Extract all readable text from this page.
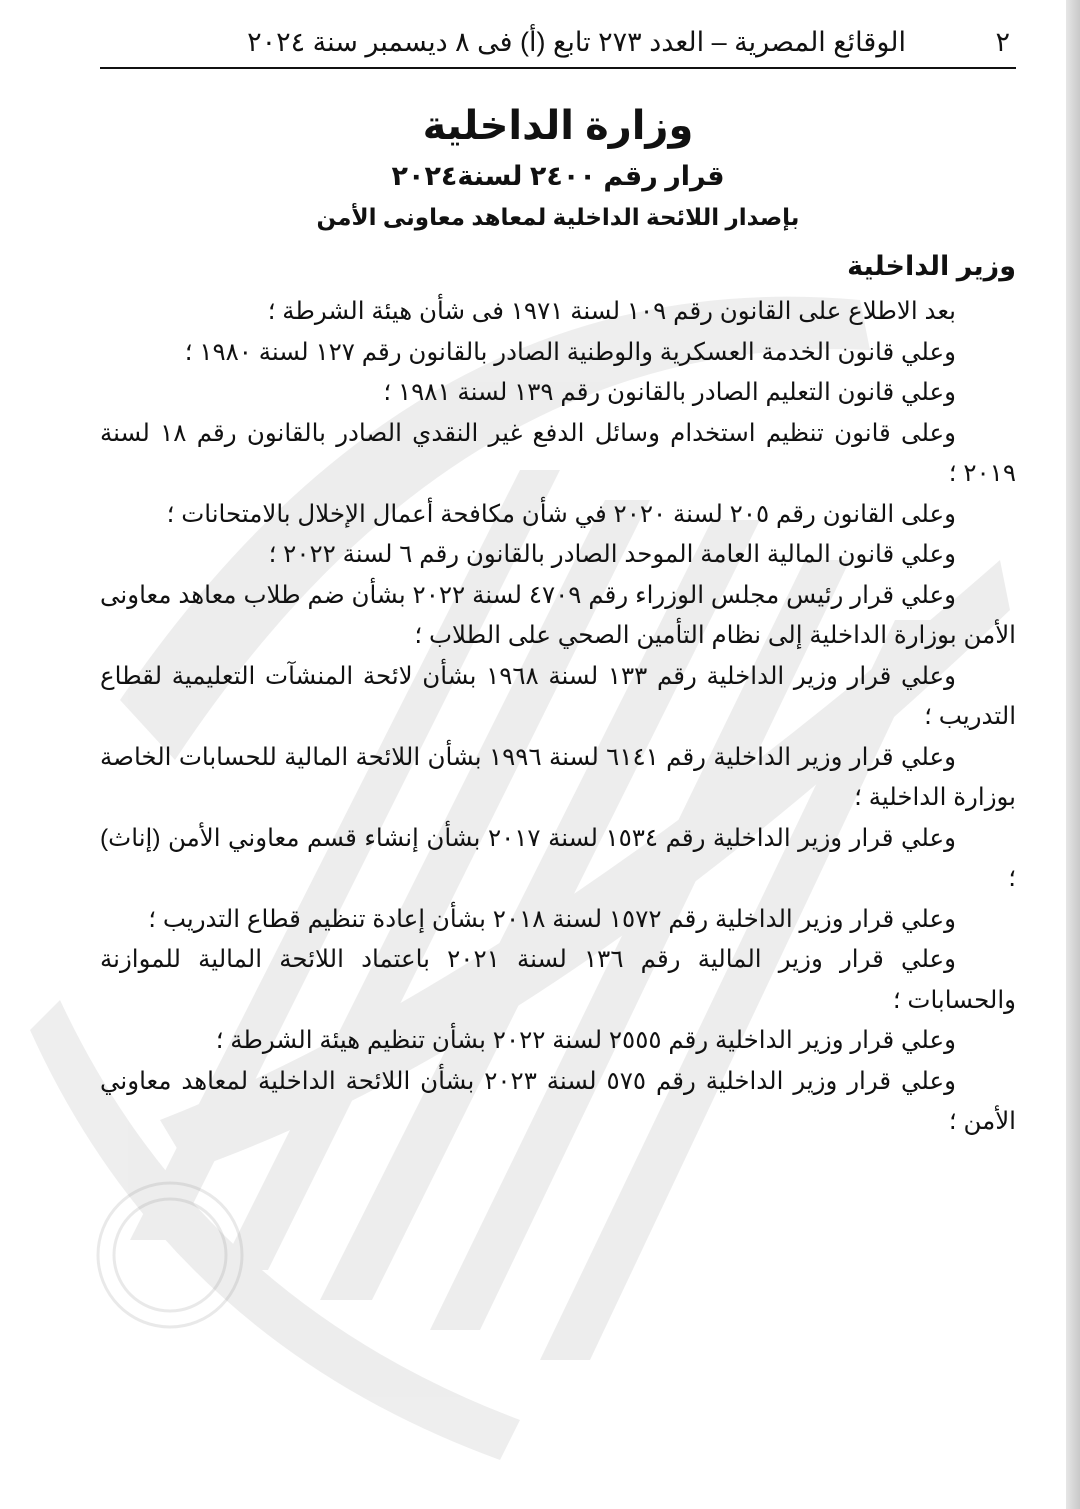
٢
الوقائع المصرية – العدد ٢٧٣ تابع (أ) فى ٨ ديسمبر سنة ٢٠٢٤

وزارة الداخلية

قرار رقم ٢٤٠٠ لسنة٢٠٢٤

بإصدار اللائحة الداخلية لمعاهد معاونى الأمن

وزير الداخلية

بعد الاطلاع على القانون رقم ١٠٩ لسنة ١٩٧١ فى شأن هيئة الشرطة ؛

وعلي قانون الخدمة العسكرية والوطنية الصادر بالقانون رقم ١٢٧ لسنة ١٩٨٠ ؛

وعلي قانون التعليم الصادر بالقانون رقم ١٣٩ لسنة ١٩٨١ ؛

وعلى قانون تنظيم استخدام وسائل الدفع غير النقدي الصادر بالقانون رقم ١٨ لسنة ٢٠١٩ ؛

وعلى القانون رقم ٢٠٥ لسنة ٢٠٢٠ في شأن مكافحة أعمال الإخلال بالامتحانات ؛

وعلي قانون المالية العامة الموحد الصادر بالقانون رقم ٦ لسنة ٢٠٢٢ ؛

وعلي قرار رئيس مجلس الوزراء رقم ٤٧٠٩ لسنة ٢٠٢٢ بشأن ضم طلاب معاهد معاونى الأمن بوزارة الداخلية إلى نظام التأمين الصحي على الطلاب ؛

وعلي قرار وزير الداخلية رقم ١٣٣ لسنة ١٩٦٨ بشأن لائحة المنشآت التعليمية لقطاع التدريب ؛

وعلي قرار وزير الداخلية رقم ٦١٤١ لسنة ١٩٩٦ بشأن اللائحة المالية للحسابات الخاصة بوزارة الداخلية ؛

وعلي قرار وزير الداخلية رقم ١٥٣٤ لسنة ٢٠١٧ بشأن إنشاء قسم معاوني الأمن (إناث) ؛

وعلي قرار وزير الداخلية رقم ١٥٧٢ لسنة ٢٠١٨ بشأن إعادة تنظيم قطاع التدريب ؛

وعلي قرار وزير المالية رقم ١٣٦ لسنة ٢٠٢١ باعتماد اللائحة المالية للموازنة والحسابات ؛

وعلي قرار وزير الداخلية رقم ٢٥٥٥ لسنة ٢٠٢٢ بشأن تنظيم هيئة الشرطة ؛

وعلي قرار وزير الداخلية رقم ٥٧٥ لسنة ٢٠٢٣ بشأن اللائحة الداخلية لمعاهد معاوني الأمن ؛
